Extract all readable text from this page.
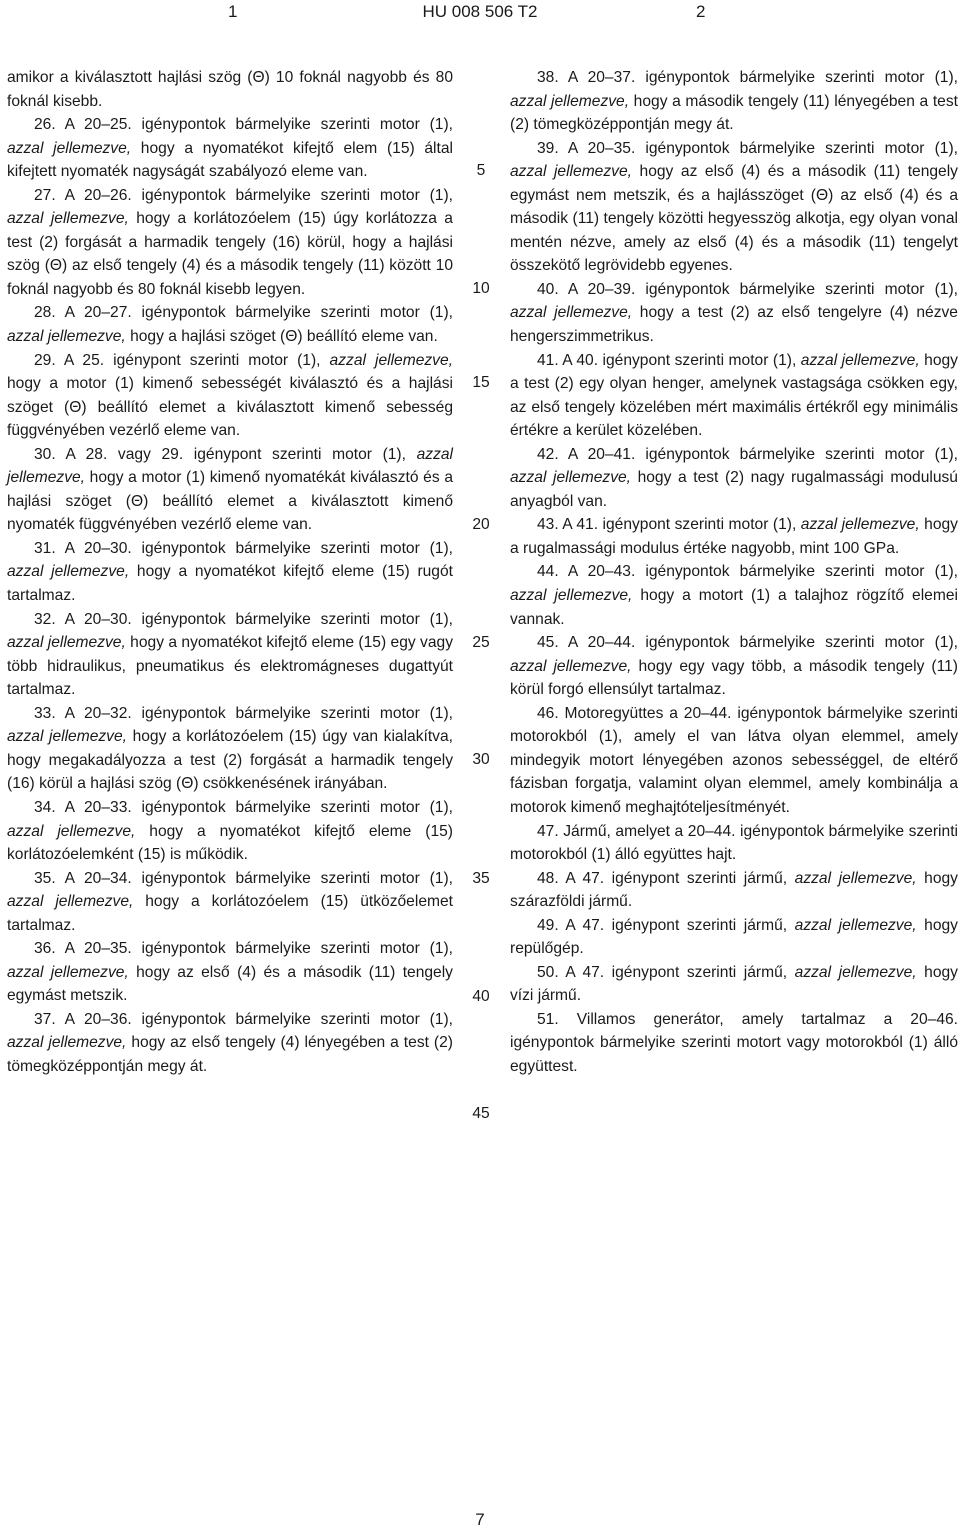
1	HU 008 506 T2	2

amikor a kiválasztott hajlási szög (Θ) 10 foknál nagyobb és 80 foknál kisebb.

26. A 20–25. igénypontok bármelyike szerinti motor (1), azzal jellemezve, hogy a nyomatékot kifejtő elem (15) által kifejtett nyomaték nagyságát szabályozó eleme van.

27. A 20–26. igénypontok bármelyike szerinti motor (1), azzal jellemezve, hogy a korlátozóelem (15) úgy korlátozza a test (2) forgását a harmadik tengely (16) körül, hogy a hajlási szög (Θ) az első tengely (4) és a második tengely (11) között 10 foknál nagyobb és 80 foknál kisebb legyen.

28. A 20–27. igénypontok bármelyike szerinti motor (1), azzal jellemezve, hogy a hajlási szöget (Θ) beállító eleme van.

29. A 25. igénypont szerinti motor (1), azzal jellemezve, hogy a motor (1) kimenő sebességét kiválasztó és a hajlási szöget (Θ) beállító elemet a kiválasztott kimenő sebesség függvényében vezérlő eleme van.

30. A 28. vagy 29. igénypont szerinti motor (1), azzal jellemezve, hogy a motor (1) kimenő nyomatékát kiválasztó és a hajlási szöget (Θ) beállító elemet a kiválasztott kimenő nyomaték függvényében vezérlő eleme van.

31. A 20–30. igénypontok bármelyike szerinti motor (1), azzal jellemezve, hogy a nyomatékot kifejtő eleme (15) rugót tartalmaz.

32. A 20–30. igénypontok bármelyike szerinti motor (1), azzal jellemezve, hogy a nyomatékot kifejtő eleme (15) egy vagy több hidraulikus, pneumatikus és elektromágneses dugattyút tartalmaz.

33. A 20–32. igénypontok bármelyike szerinti motor (1), azzal jellemezve, hogy a korlátozóelem (15) úgy van kialakítva, hogy megakadályozza a test (2) forgását a harmadik tengely (16) körül a hajlási szög (Θ) csökkenésének irányában.

34. A 20–33. igénypontok bármelyike szerinti motor (1), azzal jellemezve, hogy a nyomatékot kifejtő eleme (15) korlátozóelemként (15) is működik.

35. A 20–34. igénypontok bármelyike szerinti motor (1), azzal jellemezve, hogy a korlátozóelem (15) ütközőelemet tartalmaz.

36. A 20–35. igénypontok bármelyike szerinti motor (1), azzal jellemezve, hogy az első (4) és a második (11) tengely egymást metszik.

37. A 20–36. igénypontok bármelyike szerinti motor (1), azzal jellemezve, hogy az első tengely (4) lényegében a test (2) tömegközéppontján megy át.

38. A 20–37. igénypontok bármelyike szerinti motor (1), azzal jellemezve, hogy a második tengely (11) lényegében a test (2) tömegközéppontján megy át.

39. A 20–35. igénypontok bármelyike szerinti motor (1), azzal jellemezve, hogy az első (4) és a második (11) tengely egymást nem metszik, és a hajlásszöget (Θ) az első (4) és a második (11) tengely közötti hegyesszög alkotja, egy olyan vonal mentén nézve, amely az első (4) és a második (11) tengelyt összekötő legrövidebb egyenes.

40. A 20–39. igénypontok bármelyike szerinti motor (1), azzal jellemezve, hogy a test (2) az első tengelyre (4) nézve hengerszimmetrikus.

41. A 40. igénypont szerinti motor (1), azzal jellemezve, hogy a test (2) egy olyan henger, amelynek vastagsága csökken egy, az első tengely közelében mért maximális értékről egy minimális értékre a kerület közelében.

42. A 20–41. igénypontok bármelyike szerinti motor (1), azzal jellemezve, hogy a test (2) nagy rugalmassági modulusú anyagból van.

43. A 41. igénypont szerinti motor (1), azzal jellemezve, hogy a rugalmassági modulus értéke nagyobb, mint 100 GPa.

44. A 20–43. igénypontok bármelyike szerinti motor (1), azzal jellemezve, hogy a motort (1) a talajhoz rögzítő elemei vannak.

45. A 20–44. igénypontok bármelyike szerinti motor (1), azzal jellemezve, hogy egy vagy több, a második tengely (11) körül forgó ellensúlyt tartalmaz.

46. Motoregyüttes a 20–44. igénypontok bármelyike szerinti motorokból (1), amely el van látva olyan elemmel, amely mindegyik motort lényegében azonos sebességgel, de eltérő fázisban forgatja, valamint olyan elemmel, amely kombinálja a motorok kimenő meghajtóteljesítményét.

47. Jármű, amelyet a 20–44. igénypontok bármelyike szerinti motorokból (1) álló együttes hajt.

48. A 47. igénypont szerinti jármű, azzal jellemezve, hogy szárazföldi jármű.

49. A 47. igénypont szerinti jármű, azzal jellemezve, hogy repülőgép.

50. A 47. igénypont szerinti jármű, azzal jellemezve, hogy vízi jármű.

51. Villamos generátor, amely tartalmaz a 20–46. igénypontok bármelyike szerinti motort vagy motorokból (1) álló együttest.

5
10
15
20
25
30
35
40
45
7
